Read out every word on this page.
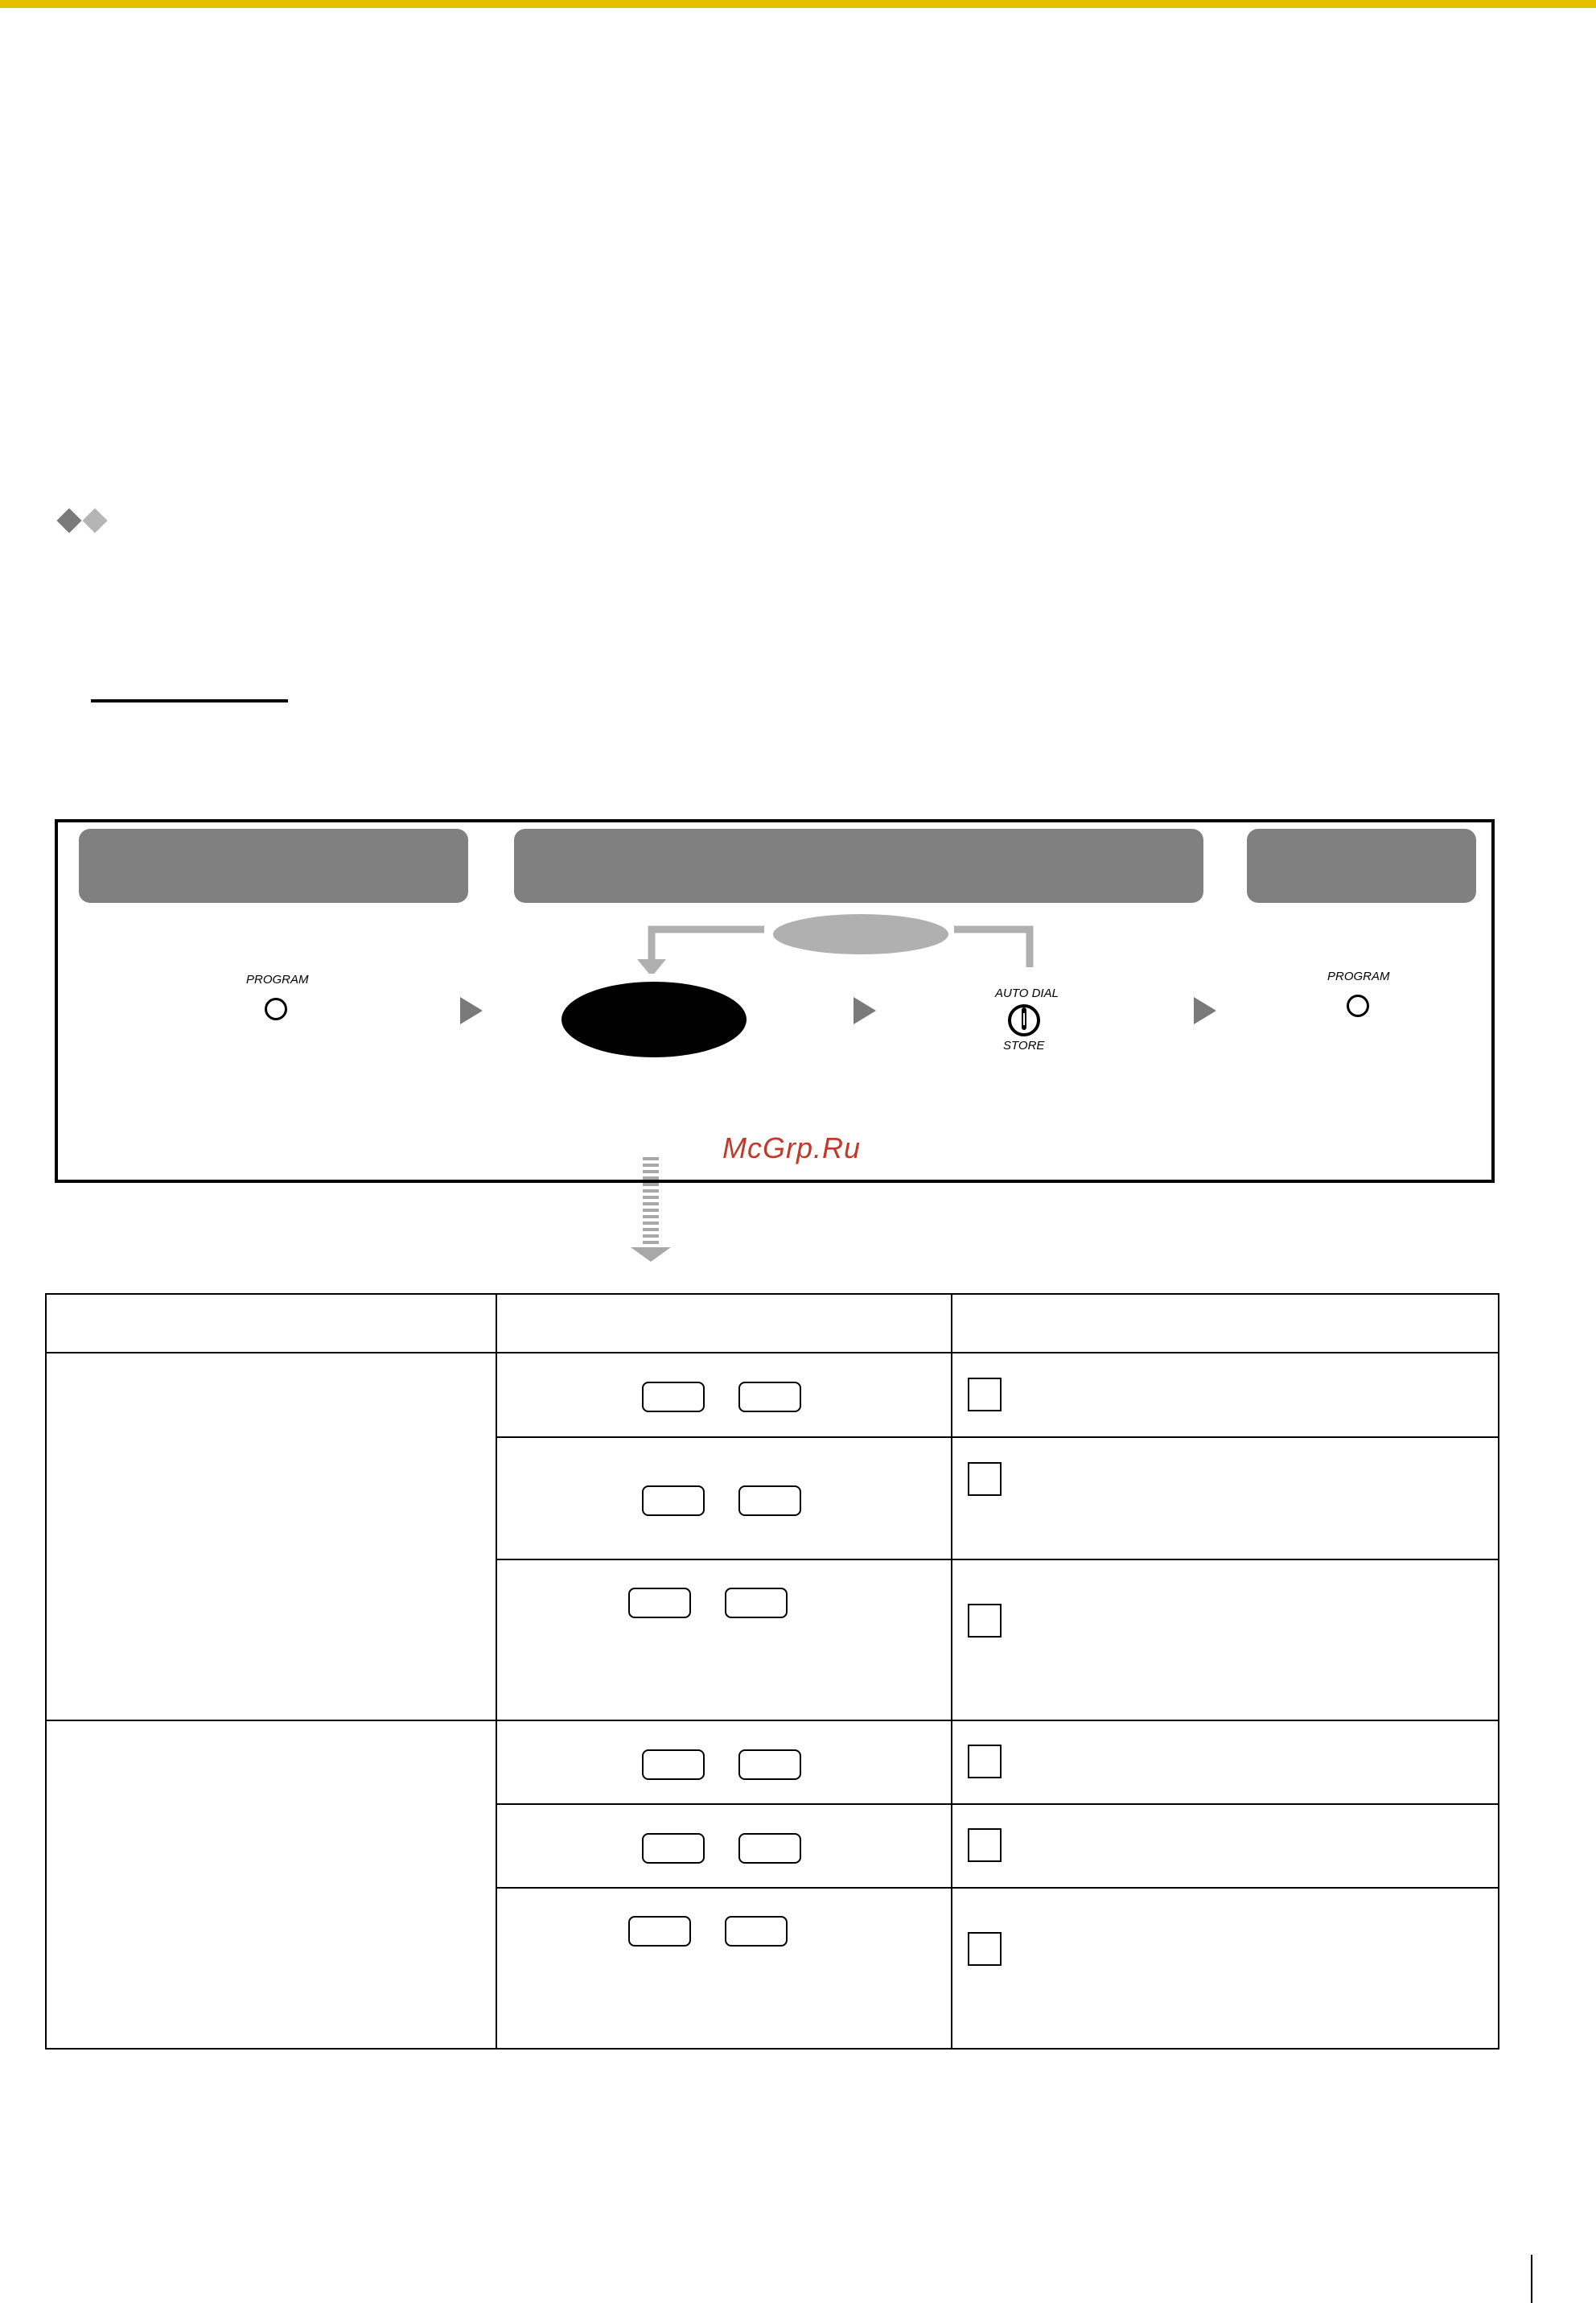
PROGRAM
AUTO DIAL
STORE
PROGRAM
McGrp.Ru
